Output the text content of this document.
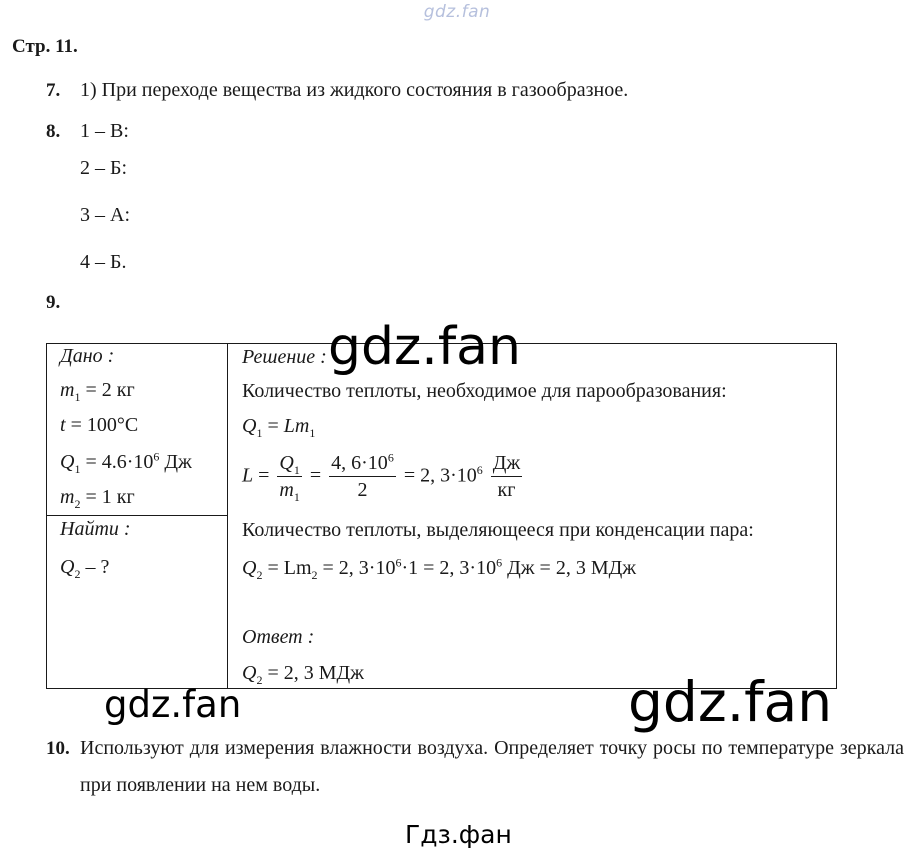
gdz.fan
Стр. 11.
7. 1) При переходе вещества из жидкого состояния в газообразное.
8. 1 – В:
2 – Б:
3 – А:
4 – Б.
9.
Дано :
$m_1 = 2$ кг
t = 100°C
$Q_1 = 4.6\cdot 10^6$ Дж
$m_2 = 1$ кг
Найти :
$Q_2$ – ?
Решение :
Количество теплоты, необходимое для парообразования:
$Q_1 = Lm_1$
$L = \frac{Q_1}{m_1} = \frac{4, 6\cdot 10^6}{2} = 2$, $3\cdot 10^6 \frac{Дж}{кг}$
Количество теплоты, выделяющееся при конденсации пара:
$Q_2 = Lm_2 = 2$, $3\cdot 10^6\cdot 1 = 2$, $3\cdot 10^6$ Дж = 2, 3 МДж
Ответ :
$Q_2 = 2$, 3 МДж
10. Используют для измерения влажности воздуха. Определяет точку росы по температуре зеркала при появлении на нем воды.
gdz.fan
gdz.fan	gdz.fan
Гдз.фан
